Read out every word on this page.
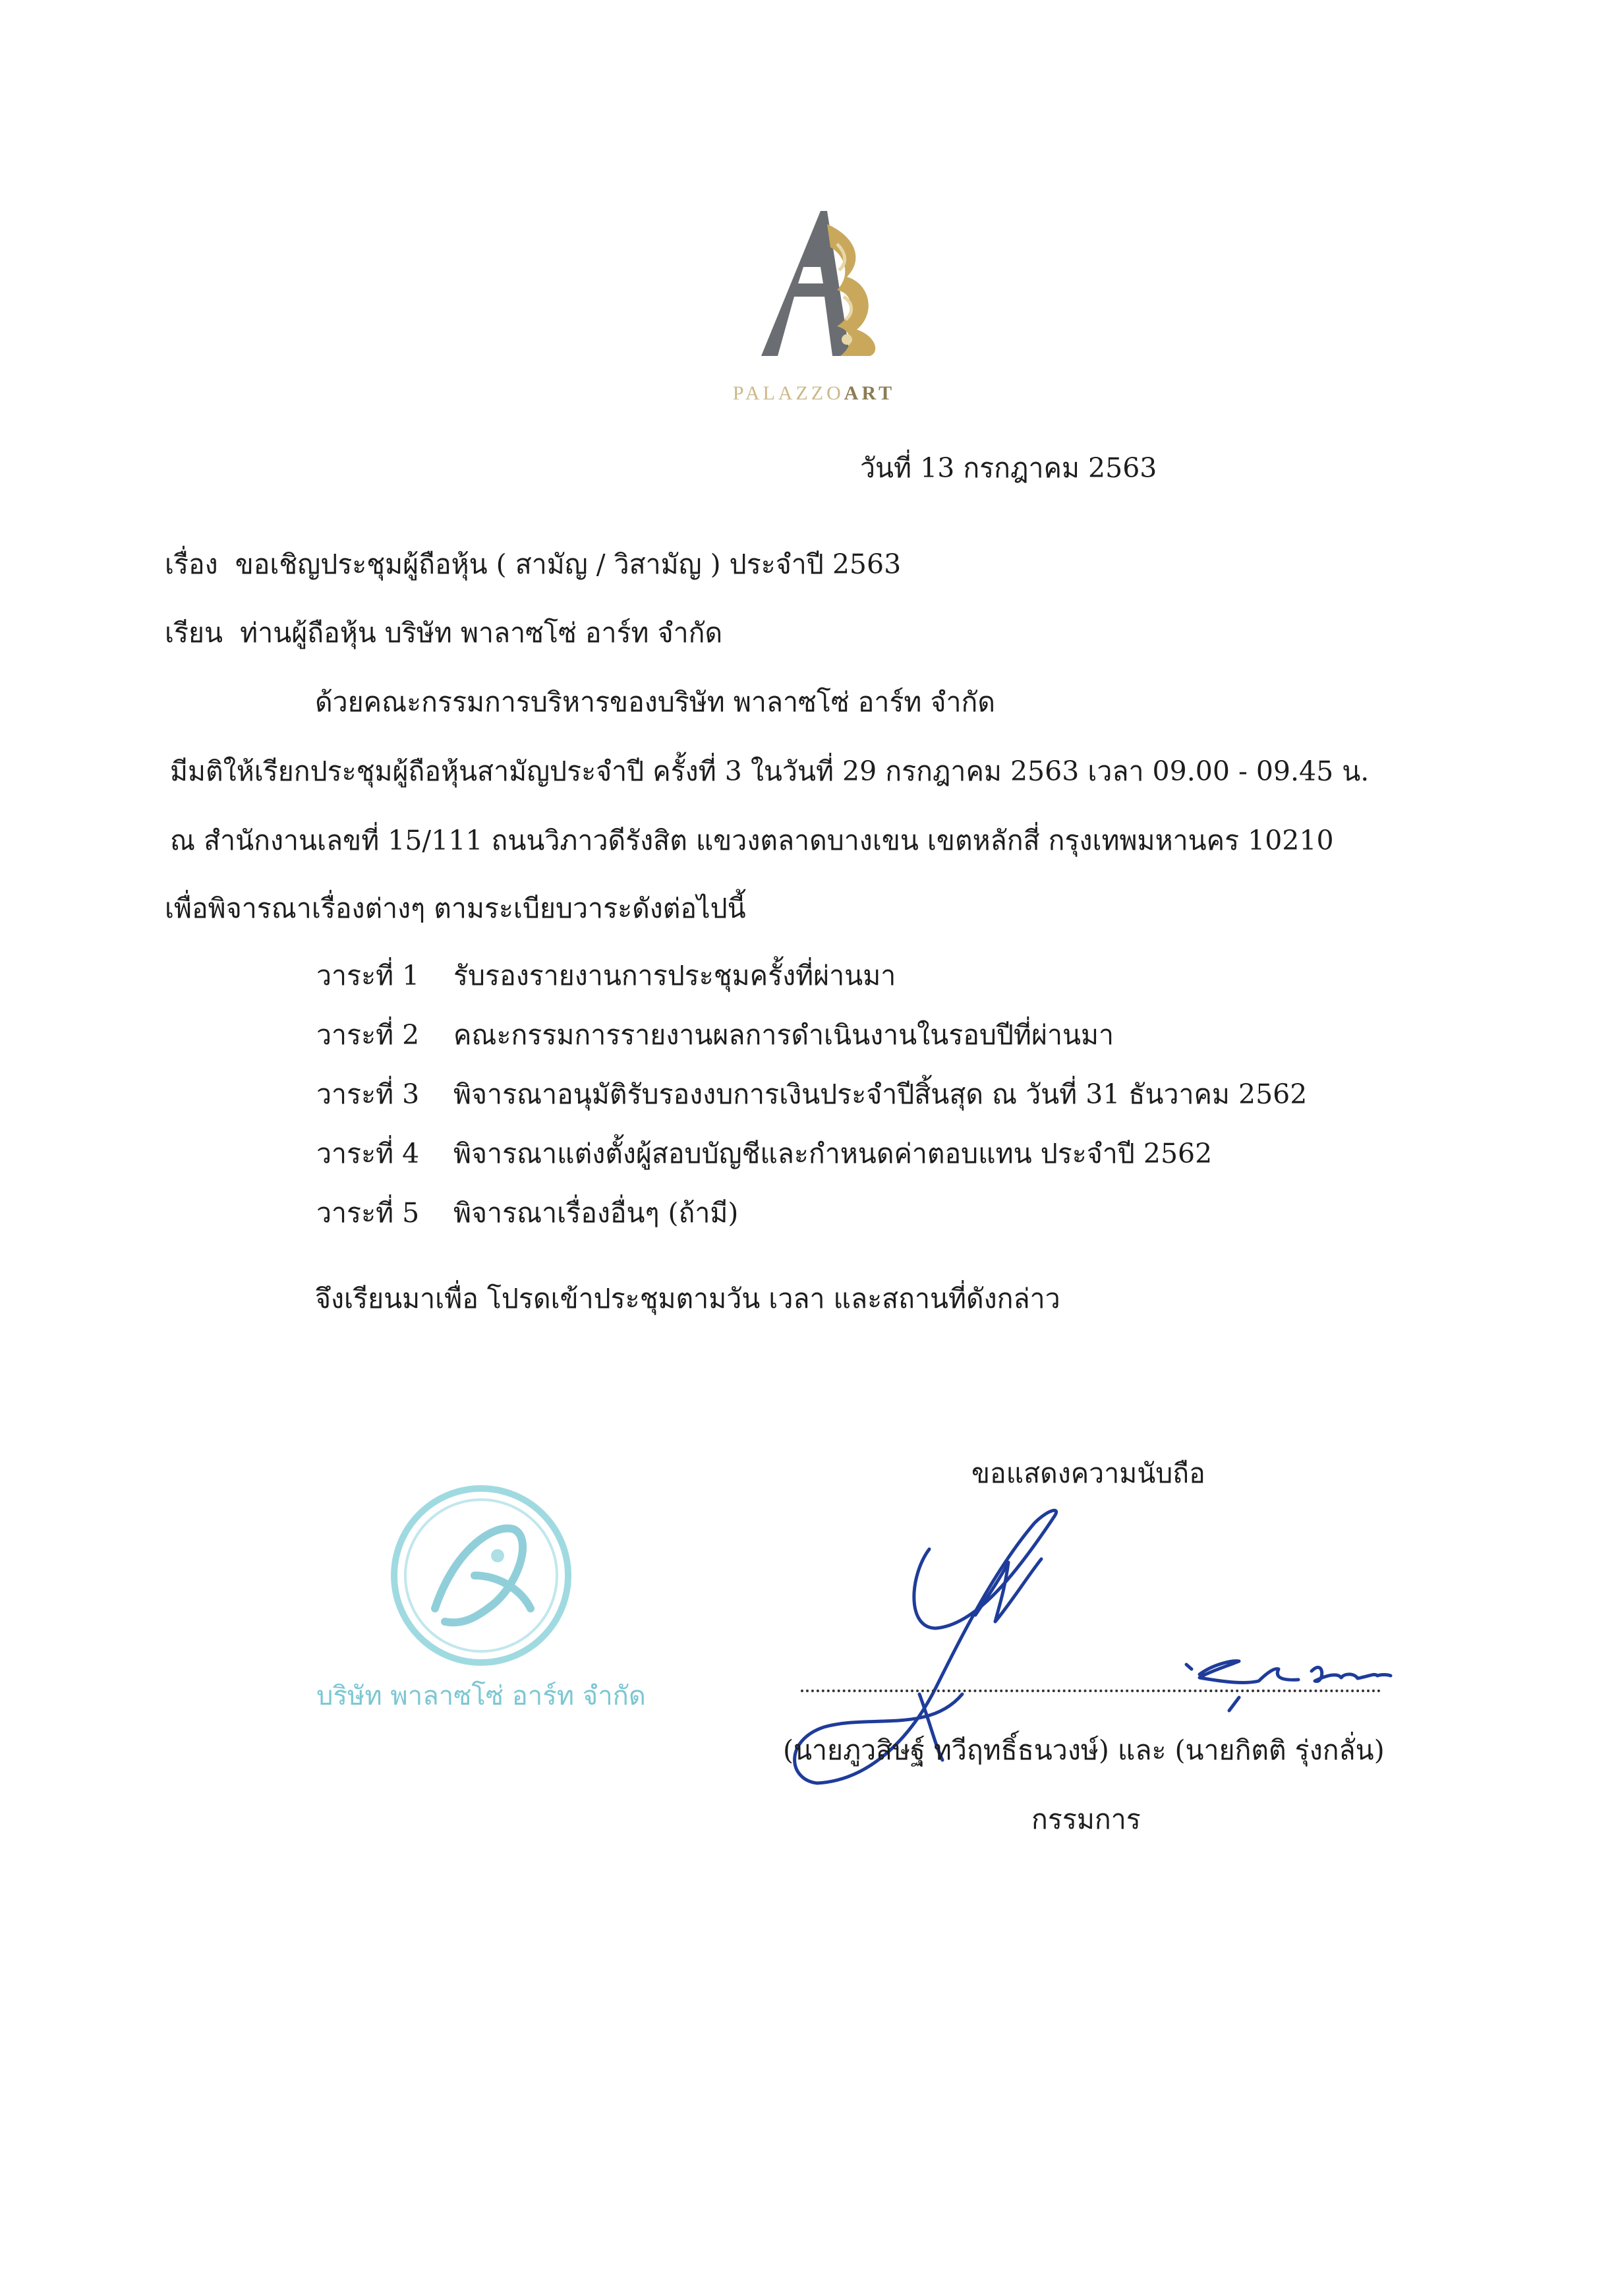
PALAZZOART
วันที่ 13 กรกฎาคม 2563
เรื่อง ขอเชิญประชุมผู้ถือหุ้น ( สามัญ / วิสามัญ ) ประจำปี 2563
เรียน ท่านผู้ถือหุ้น บริษัท พาลาซโซ่ อาร์ท จำกัด
ด้วยคณะกรรมการบริหารของบริษัท พาลาซโซ่ อาร์ท จำกัด
มีมติให้เรียกประชุมผู้ถือหุ้นสามัญประจำปี ครั้งที่ 3 ในวันที่ 29 กรกฎาคม 2563 เวลา 09.00 - 09.45 น.
ณ สำนักงานเลขที่ 15/111 ถนนวิภาวดีรังสิต แขวงตลาดบางเขน เขตหลักสี่ กรุงเทพมหานคร 10210
เพื่อพิจารณาเรื่องต่างๆ ตามระเบียบวาระดังต่อไปนี้
วาระที่ 1 รับรองรายงานการประชุมครั้งที่ผ่านมา
วาระที่ 2 คณะกรรมการรายงานผลการดำเนินงานในรอบปีที่ผ่านมา
วาระที่ 3 พิจารณาอนุมัติรับรองงบการเงินประจำปีสิ้นสุด ณ วันที่ 31 ธันวาคม 2562
วาระที่ 4 พิจารณาแต่งตั้งผู้สอบบัญชีและกำหนดค่าตอบแทน ประจำปี 2562
วาระที่ 5 พิจารณาเรื่องอื่นๆ (ถ้ามี)
จึงเรียนมาเพื่อ โปรดเข้าประชุมตามวัน เวลา และสถานที่ดังกล่าว
ขอแสดงความนับถือ
บริษัท พาลาซโซ่ อาร์ท จำกัด
(นายภูวสิษฐ์ ทวีฤทธิ์ธนวงษ์) และ (นายกิตติ รุ่งกลั่น)
กรรมการ
